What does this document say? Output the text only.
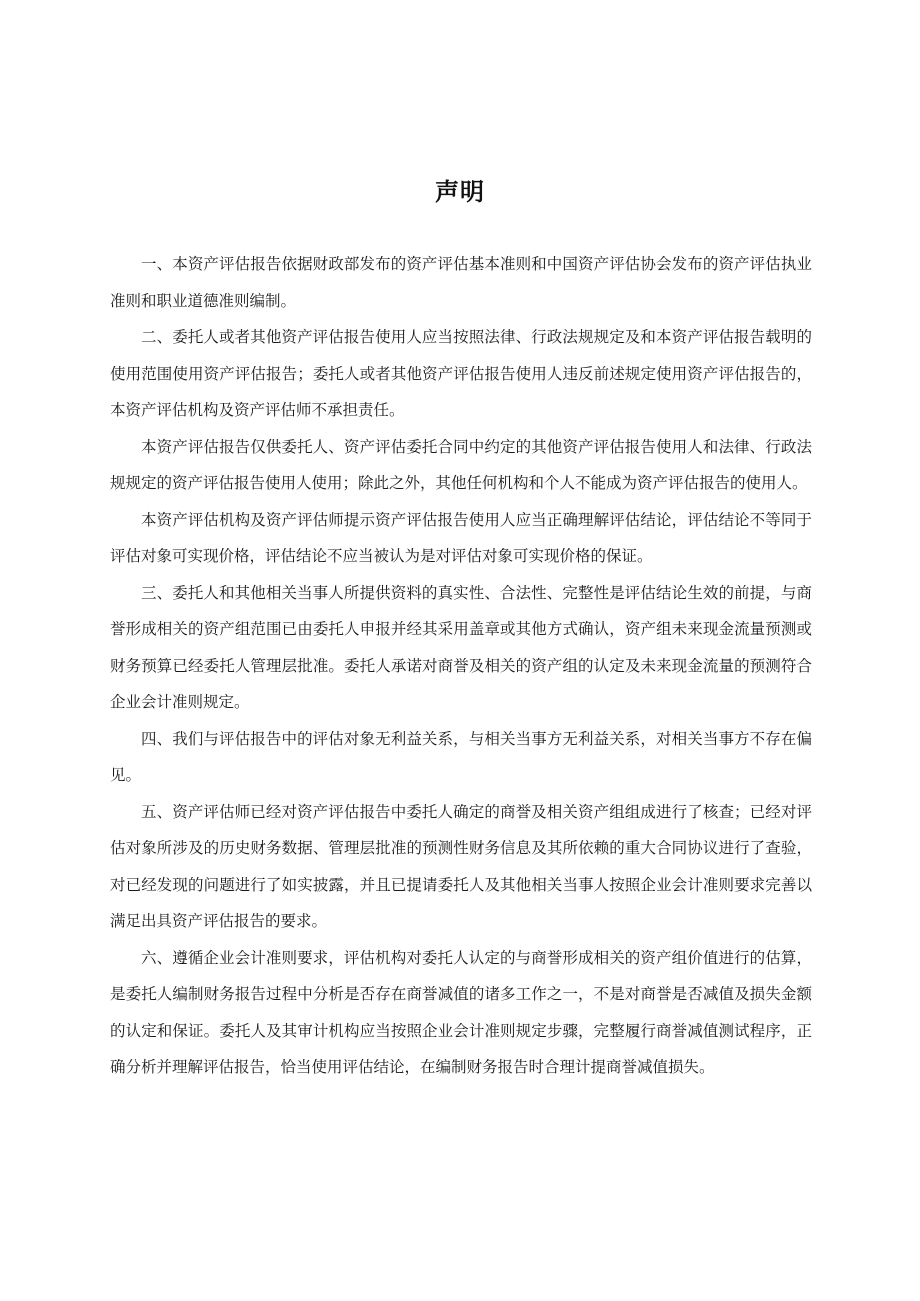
声明

一、本资产评估报告依据财政部发布的资产评估基本准则和中国资产评估协会发布的资产评估执业准则和职业道德准则编制。

二、委托人或者其他资产评估报告使用人应当按照法律、行政法规规定及和本资产评估报告载明的使用范围使用资产评估报告；委托人或者其他资产评估报告使用人违反前述规定使用资产评估报告的，本资产评估机构及资产评估师不承担责任。

本资产评估报告仅供委托人、资产评估委托合同中约定的其他资产评估报告使用人和法律、行政法规规定的资产评估报告使用人使用；除此之外，其他任何机构和个人不能成为资产评估报告的使用人。

本资产评估机构及资产评估师提示资产评估报告使用人应当正确理解评估结论，评估结论不等同于评估对象可实现价格，评估结论不应当被认为是对评估对象可实现价格的保证。

三、委托人和其他相关当事人所提供资料的真实性、合法性、完整性是评估结论生效的前提，与商誉形成相关的资产组范围已由委托人申报并经其采用盖章或其他方式确认，资产组未来现金流量预测或财务预算已经委托人管理层批准。委托人承诺对商誉及相关的资产组的认定及未来现金流量的预测符合企业会计准则规定。

四、我们与评估报告中的评估对象无利益关系，与相关当事方无利益关系，对相关当事方不存在偏见。

五、资产评估师已经对资产评估报告中委托人确定的商誉及相关资产组组成进行了核查；已经对评估对象所涉及的历史财务数据、管理层批准的预测性财务信息及其所依赖的重大合同协议进行了查验，对已经发现的问题进行了如实披露，并且已提请委托人及其他相关当事人按照企业会计准则要求完善以满足出具资产评估报告的要求。

六、遵循企业会计准则要求，评估机构对委托人认定的与商誉形成相关的资产组价值进行的估算，是委托人编制财务报告过程中分析是否存在商誉减值的诸多工作之一，不是对商誉是否减值及损失金额的认定和保证。委托人及其审计机构应当按照企业会计准则规定步骤，完整履行商誉减值测试程序，正确分析并理解评估报告，恰当使用评估结论，在编制财务报告时合理计提商誉减值损失。
